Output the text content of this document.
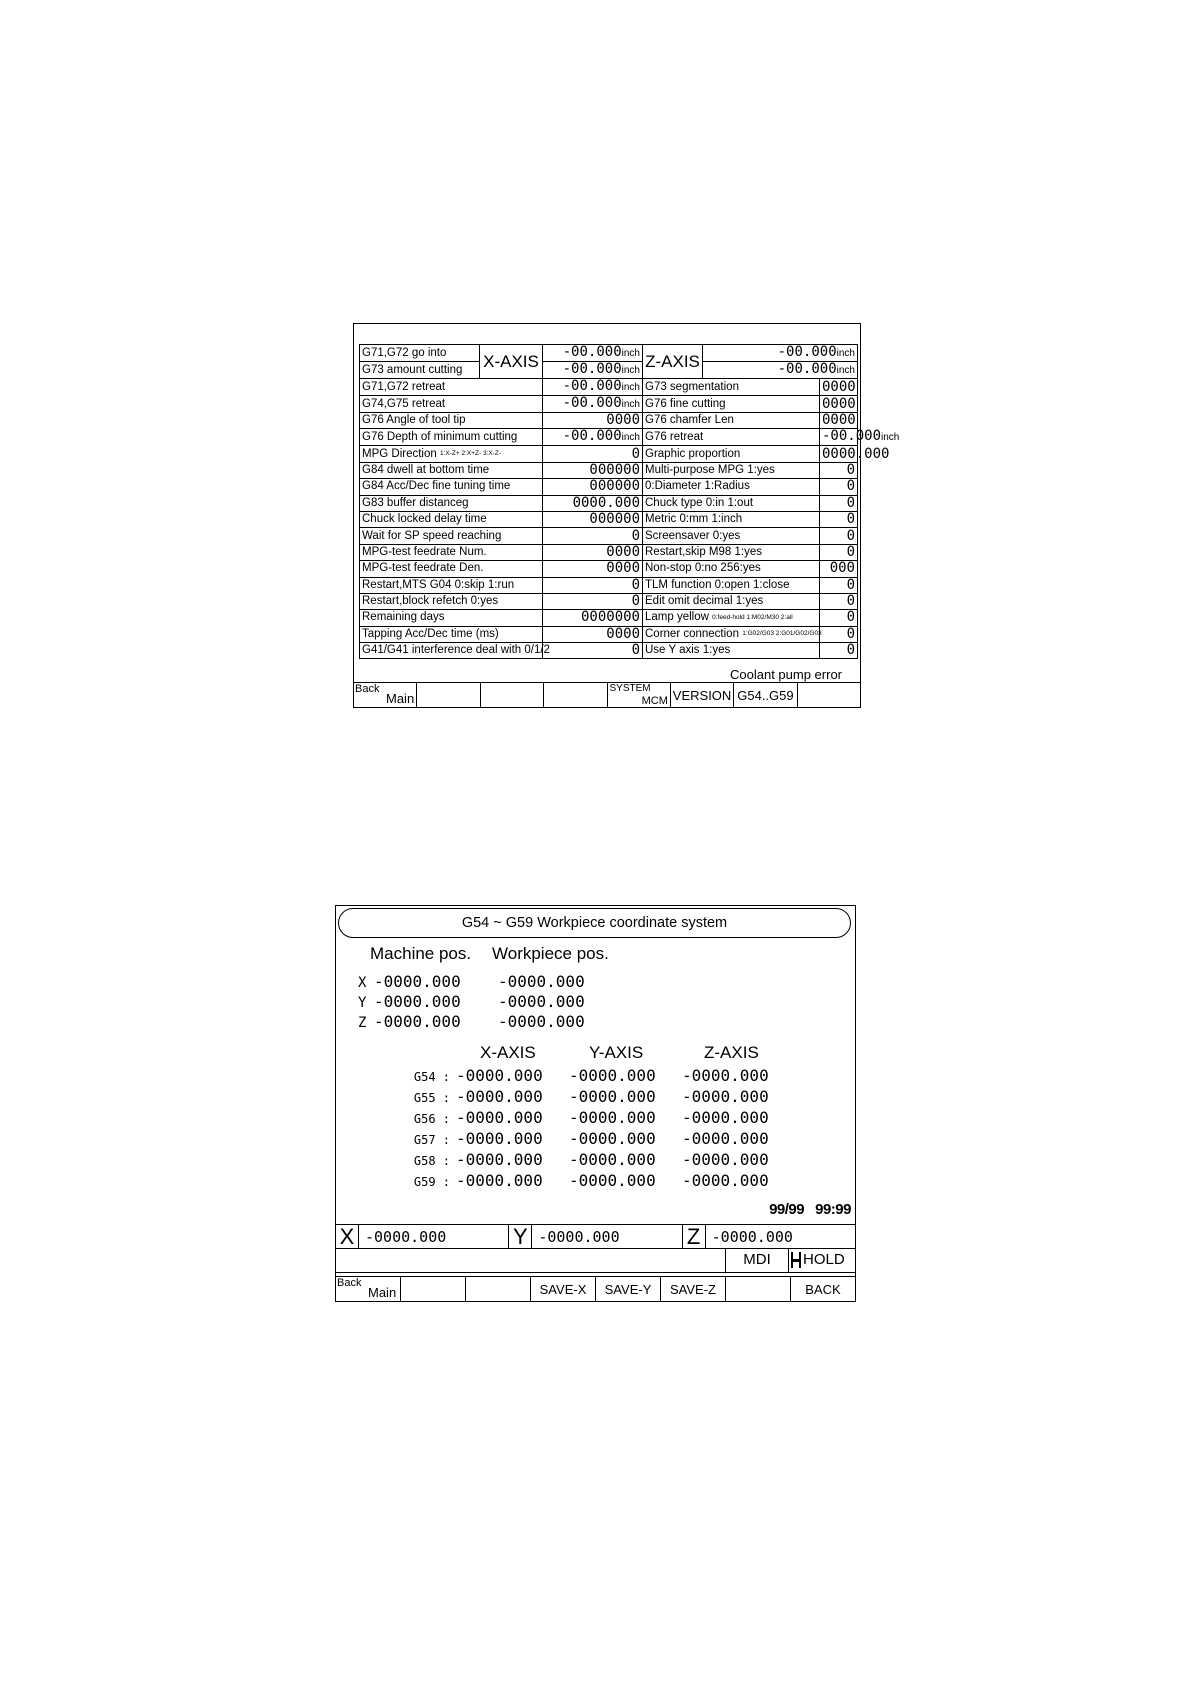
G71,G72 go into	X-AXIS	-00.000inch	Z-AXIS	-00.000inch	
G73 amount cutting		-00.000inch		-00.000inch	
G71,G72 retreat		-00.000inch	G73 segmentation		0000
G74,G75 retreat		-00.000inch	G76 fine cutting		0000
G76 Angle of tool tip		0000	G76 chamfer Len		0000
G76 Depth of minimum cutting		-00.000inch	G76 retreat		-00.000inch
MPG Direction 1:X-Z+ 2:X+Z- 3:X-Z-		0	Graphic proportion		0000.000
G84 dwell at bottom time		000000	Multi-purpose MPG 1:yes		0
G84 Acc/Dec fine tuning time		000000	0:Diameter 1:Radius		0
G83 buffer distanceg		0000.000	Chuck type 0:in 1:out		0
Chuck locked delay time		000000	Metric 0:mm 1:inch		0
Wait for SP speed reaching		0	Screensaver 0:yes		0
MPG-test feedrate Num.		0000	Restart,skip M98 1:yes		0
MPG-test feedrate Den.		0000	Non-stop 0:no 256:yes		000
Restart,MTS G04 0:skip 1:run		0	TLM function 0:open 1:close		0
Restart,block refetch 0:yes		0	Edit omit decimal 1:yes		0
Remaining days		0000000	Lamp yellow 0:feed-hold 1:M02/M30 2:all		0
Tapping Acc/Dec time (ms)		0000	Corner connection 1:G02/G03 2:G01/G02/G03		0
G41/G41 interference deal with 0/1/2		0	Use Y axis 1:yes		0
Coolant pump error
Back
Main
SYSTEM
MCM VERSION G54..G59
G54 ~ G59 Workpiece coordinate system
Machine pos. Workpiece pos.
X -0000.000 -0000.000
Y -0000.000 -0000.000
Z -0000.000 -0000.000
X-AXIS	Y-AXIS	Z-AXIS
G54 : -0000.000 -0000.000 -0000.000
G55 : -0000.000 -0000.000 -0000.000
G56 : -0000.000 -0000.000 -0000.000
G57 : -0000.000 -0000.000 -0000.000
G58 : -0000.000 -0000.000 -0000.000
G59 : -0000.000 -0000.000 -0000.000
99/99 99:99
X -0000.000	Y -0000.000	Z -0000.000
MDI	HOLD
Back
Main	SAVE-X	SAVE-Y	SAVE-Z	BACK
